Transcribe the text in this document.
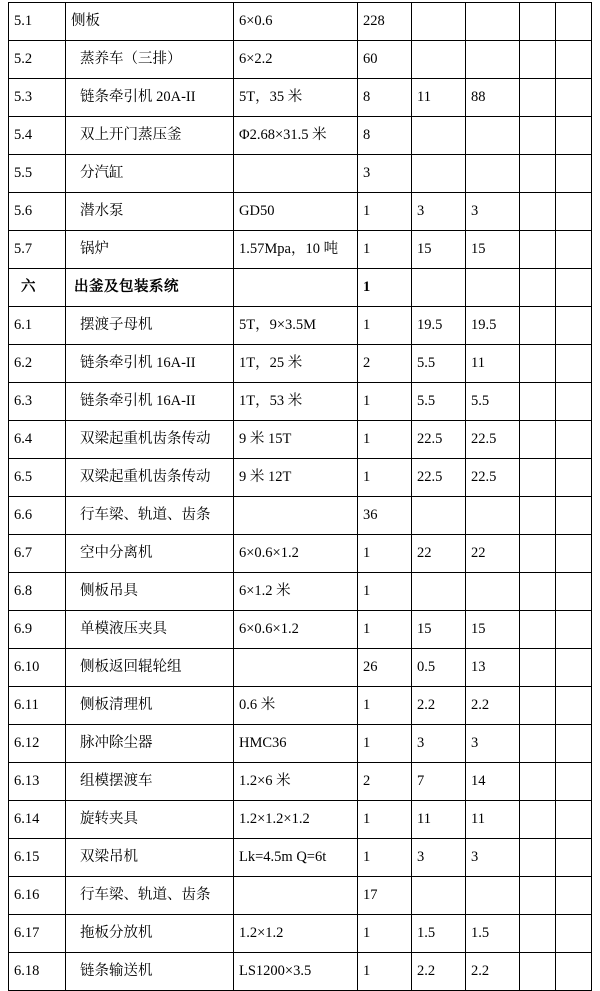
5.1	侧板	6×0.6	228				
5.2	蒸养车（三排）	6×2.2	60				
5.3	链条牵引机 20A-II	5T，35 米	8	11	88		
5.4	双上开门蒸压釜	Φ2.68×31.5 米	8				
5.5	分汽缸		3				
5.6	潜水泵	GD50	1	3	3		
5.7	锅炉	1.57Mpa，10 吨	1	15	15		
六	出釜及包装系统		1				
6.1	摆渡子母机	5T，9×3.5M	1	19.5	19.5		
6.2	链条牵引机 16A-II	1T，25 米	2	5.5	11		
6.3	链条牵引机 16A-II	1T，53 米	1	5.5	5.5		
6.4	双梁起重机齿条传动	9 米 15T	1	22.5	22.5		
6.5	双梁起重机齿条传动	9 米 12T	1	22.5	22.5		
6.6	行车梁、轨道、齿条		36				
6.7	空中分离机	6×0.6×1.2	1	22	22		
6.8	侧板吊具	6×1.2 米	1				
6.9	单模液压夹具	6×0.6×1.2	1	15	15		
6.10	侧板返回辊轮组		26	0.5	13		
6.11	侧板清理机	0.6 米	1	2.2	2.2		
6.12	脉冲除尘器	HMC36	1	3	3		
6.13	组模摆渡车	1.2×6 米	2	7	14		
6.14	旋转夹具	1.2×1.2×1.2	1	11	11		
6.15	双梁吊机	Lk=4.5m Q=6t	1	3	3		
6.16	行车梁、轨道、齿条		17				
6.17	拖板分放机	1.2×1.2	1	1.5	1.5		
6.18	链条输送机	LS1200×3.5	1	2.2	2.2		
